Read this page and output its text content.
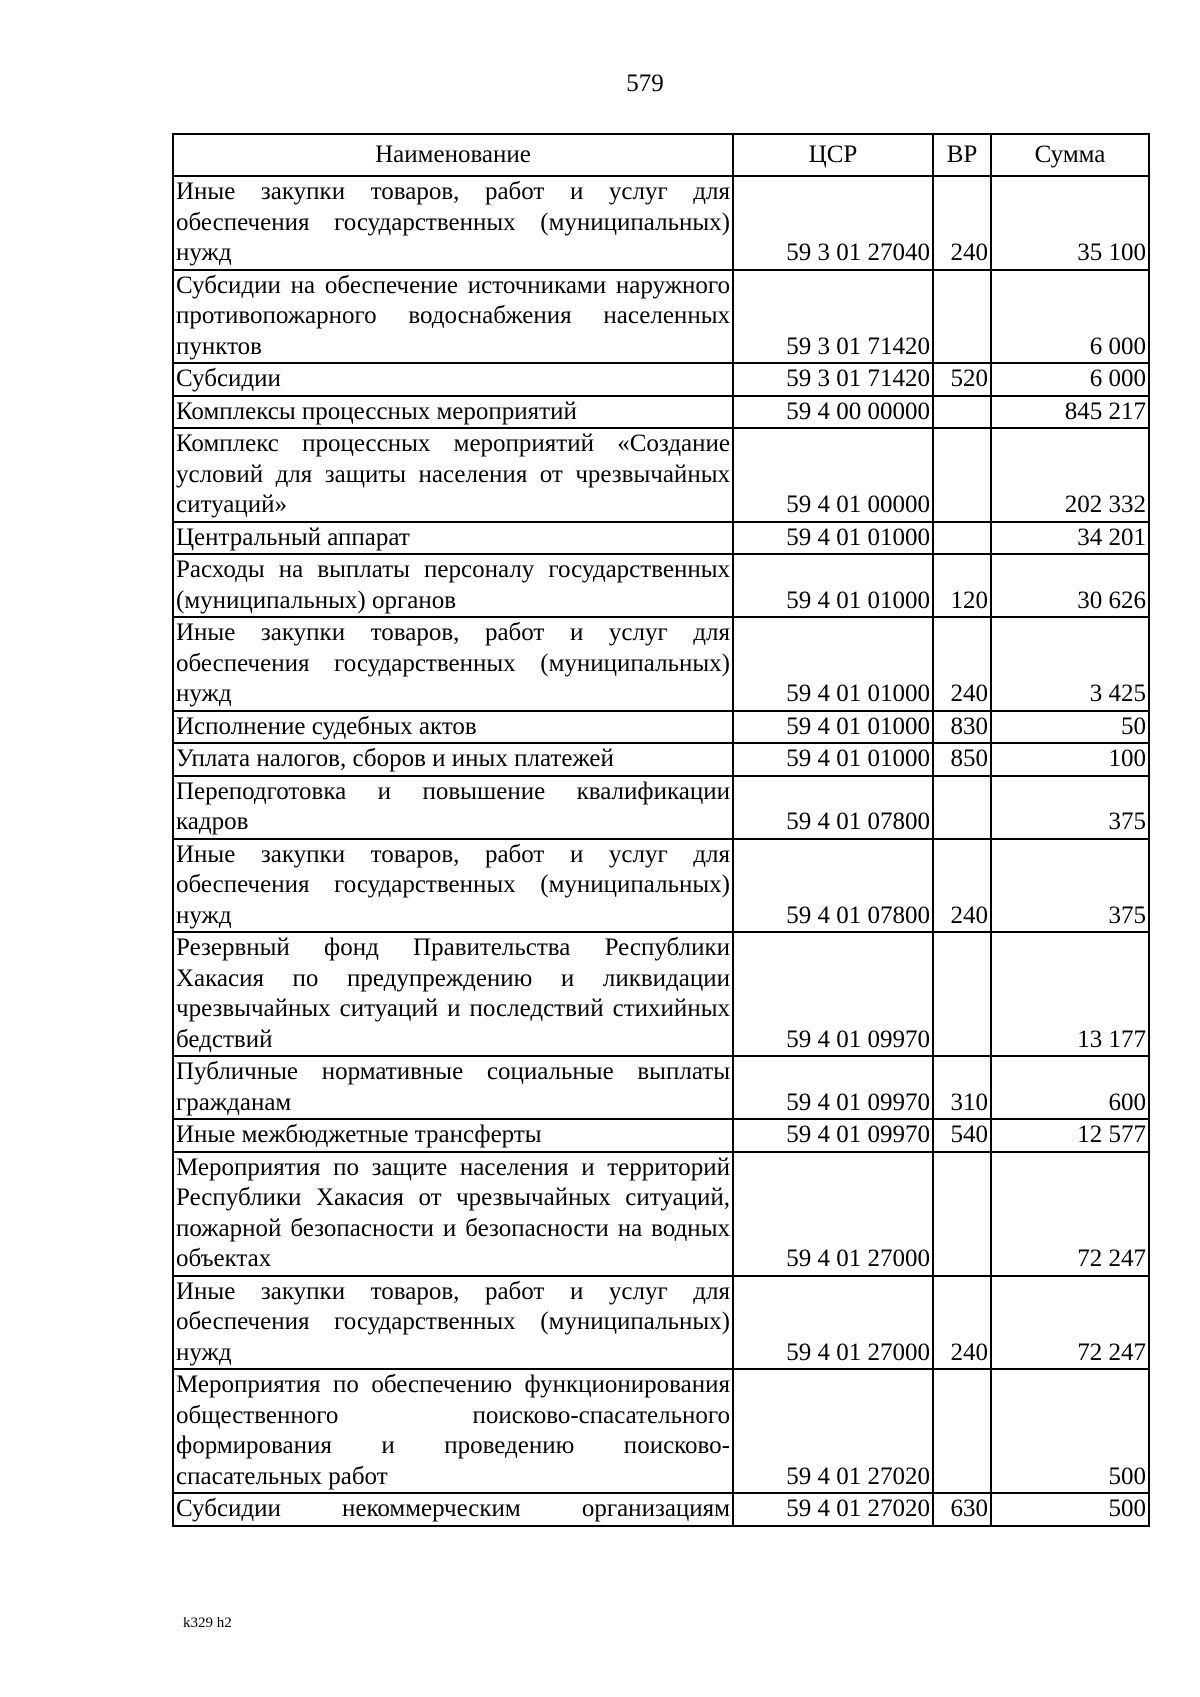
579
Наименование	ЦСР	ВР	Сумма
Иные закупки товаров, работ и услуг для обеспечения государственных (муниципальных) нужд	59 3 01 27040	240	35 100
Субсидии на обеспечение источниками наружного противопожарного водоснабжения населенных пунктов	59 3 01 71420		6 000
Субсидии	59 3 01 71420	520	6 000
Комплексы процессных мероприятий	59 4 00 00000		845 217
Комплекс процессных мероприятий «Создание условий для защиты населения от чрезвычайных ситуаций»	59 4 01 00000		202 332
Центральный аппарат	59 4 01 01000		34 201
Расходы на выплаты персоналу государственных (муниципальных) органов	59 4 01 01000	120	30 626
Иные закупки товаров, работ и услуг для обеспечения государственных (муниципальных) нужд	59 4 01 01000	240	3 425
Исполнение судебных актов	59 4 01 01000	830	50
Уплата налогов, сборов и иных платежей	59 4 01 01000	850	100
Переподготовка и повышение квалификации кадров	59 4 01 07800		375
Иные закупки товаров, работ и услуг для обеспечения государственных (муниципальных) нужд	59 4 01 07800	240	375
Резервный фонд Правительства Республики Хакасия по предупреждению и ликвидации чрезвычайных ситуаций и последствий стихийных бедствий	59 4 01 09970		13 177
Публичные нормативные социальные выплаты гражданам	59 4 01 09970	310	600
Иные межбюджетные трансферты	59 4 01 09970	540	12 577
Мероприятия по защите населения и территорий Республики Хакасия от чрезвычайных ситуаций, пожарной безопасности и безопасности на водных объектах	59 4 01 27000		72 247
Иные закупки товаров, работ и услуг для обеспечения государственных (муниципальных) нужд	59 4 01 27000	240	72 247
Мероприятия по обеспечению функционирования общественного поисково-спасательного формирования и проведению поисково-спасательных работ	59 4 01 27020		500
Субсидии некоммерческим организациям	59 4 01 27020	630	500
k329 h2
